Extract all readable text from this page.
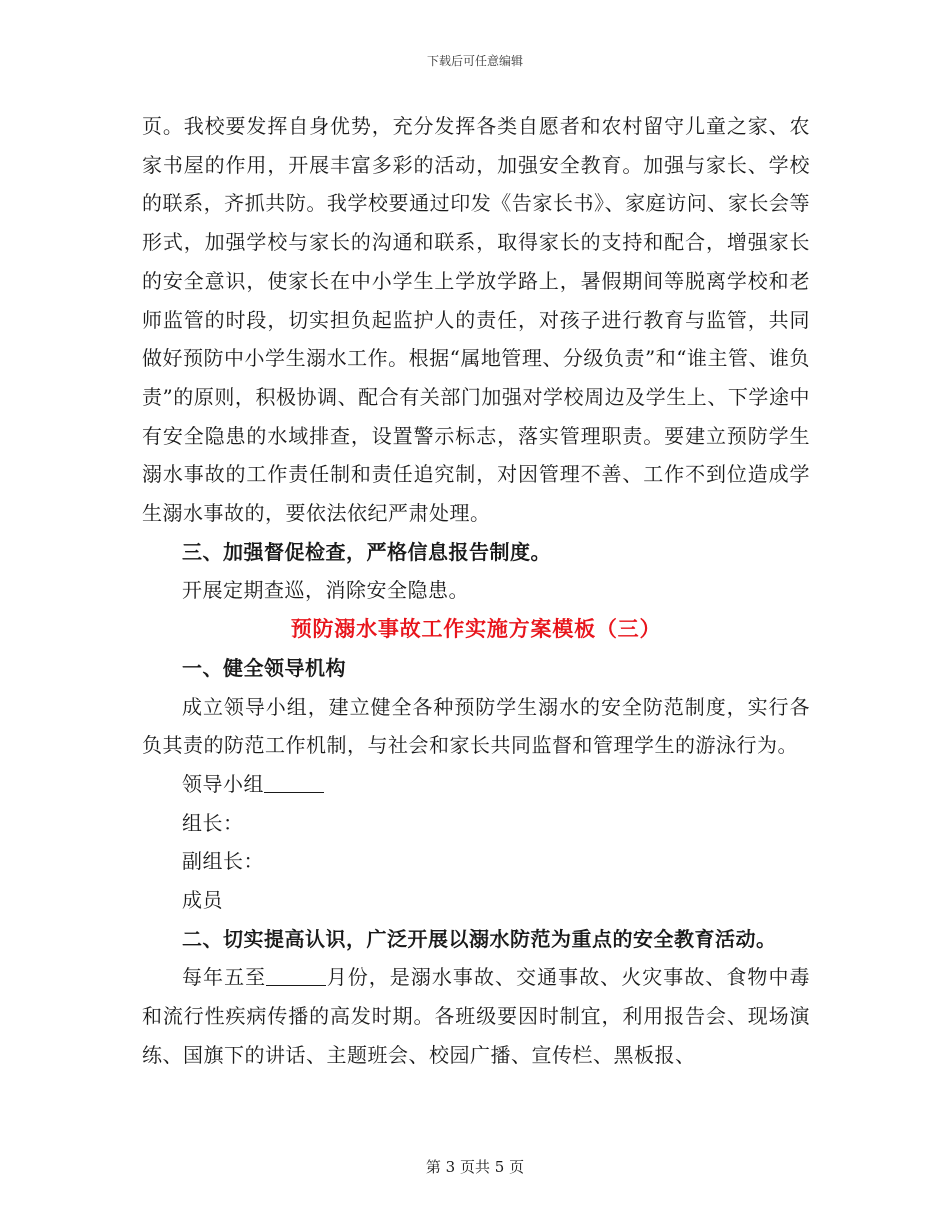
下载后可任意编辑

页。我校要发挥自身优势，充分发挥各类自愿者和农村留守儿童之家、农家书屋的作用，开展丰富多彩的活动，加强安全教育。加强与家长、学校的联系，齐抓共防。我学校要通过印发《告家长书》、家庭访问、家长会等形式，加强学校与家长的沟通和联系，取得家长的支持和配合，增强家长的安全意识，使家长在中小学生上学放学路上，暑假期间等脱离学校和老师监管的时段，切实担负起监护人的责任，对孩子进行教育与监管，共同做好预防中小学生溺水工作。根据“属地管理、分级负责”和“谁主管、谁负责”的原则，积极协调、配合有关部门加强对学校周边及学生上、下学途中有安全隐患的水域排查，设置警示标志，落实管理职责。要建立预防学生溺水事故的工作责任制和责任追究制，对因管理不善、工作不到位造成学生溺水事故的，要依法依纪严肃处理。

三、加强督促检查，严格信息报告制度。

开展定期查巡，消除安全隐患。

预防溺水事故工作实施方案模板（三）

一、健全领导机构

成立领导小组，建立健全各种预防学生溺水的安全防范制度，实行各负其责的防范工作机制，与社会和家长共同监督和管理学生的游泳行为。

领导小组

组长：

副组长：

成员

二、切实提高认识，广泛开展以溺水防范为重点的安全教育活动。

每年五至	月份，是溺水事故、交通事故、火灾事故、食物中毒和流行性疾病传播的高发时期。各班级要因时制宜，利用报告会、现场演练、国旗下的讲话、主题班会、校园广播、宣传栏、黑板报、

第 3 页共 5 页
